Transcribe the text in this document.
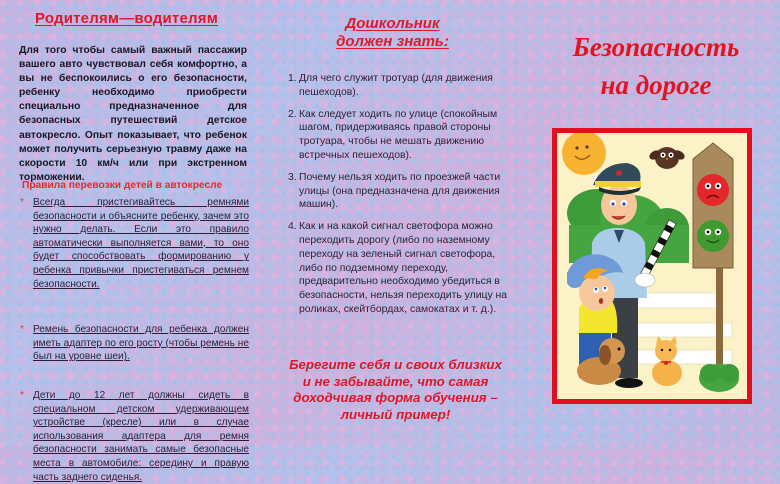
Родителям—водителям
Для того чтобы самый важный пассажир вашего авто чувствовал себя комфортно, а вы не беспокоились о его безопасности, ребенку необходимо приобрести специально предназначенное для безопасных путешествий детское автокресло. Опыт показывает, что ребенок может получить серьезную травму даже на скорости 10 км/ч или при экстренном торможении.
Правила перевозки детей в автокресле
* Всегда пристегивайтесь ремнями безопасности и объясните ребенку, зачем это нужно делать. Если это правило автоматически выполняется вами, то оно будет способствовать формированию у ребенка привычки пристегиваться ремнем безопасности.
* Ремень безопасности для ребенка должен иметь адаптер по его росту (чтобы ремень не был на уровне шеи).
* Дети до 12 лет должны сидеть в специальном детском удерживающем устройстве (кресле) или в случае использования адаптера для ремня безопасности занимать самые безопасные места в автомобиле: середину и правую часть заднего сиденья.
Дошкольник
должен знать:
1. Для чего служит тротуар (для движения пешеходов).
2. Как следует ходить по улице (спокойным шагом, придерживаясь правой стороны тротуара, чтобы не мешать движению встречных пешеходов).
3. Почему нельзя ходить по проезжей части улицы (она предназначена для движения машин).
4. Как и на какой сигнал светофора можно переходить дорогу (либо по наземному переходу на зеленый сигнал светофора, либо по подземному переходу, предварительно необходимо убедиться в безопасности, нельзя переходить улицу на роликах, скейтбордах, самокатах и т. д.).
Берегите себя и своих близких и не забывайте, что самая доходчивая форма обучения – личный пример!
Безопасность
на дороге
